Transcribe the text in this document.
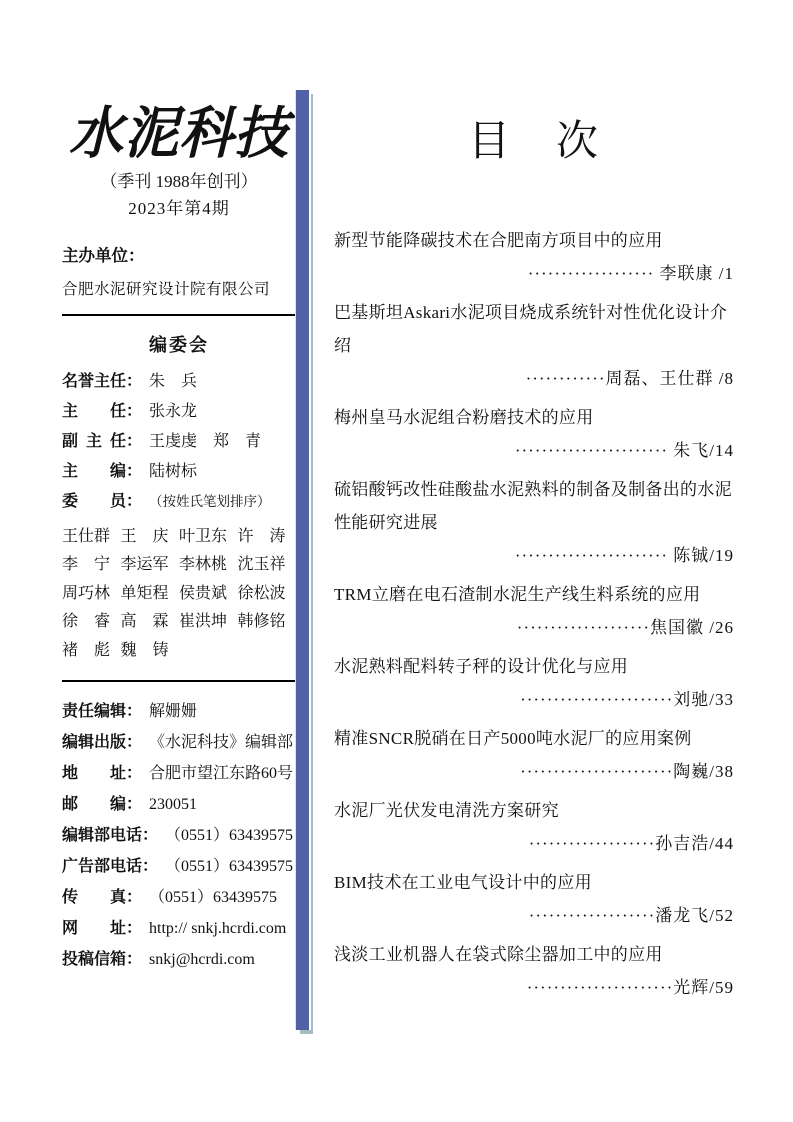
水泥科技
（季刊 1988年创刊）
2023年第4期
主办单位：
合肥水泥研究设计院有限公司
编委会
名誉主任 ： 朱　兵
主任 ： 张永龙
副主任 ： 王虔虔　郑　青
主编 ： 陆树标
委员 ： （按姓氏笔划排序）
王仕群 王　庆 叶卫东 许　涛
李　宁 李运军 李林桃 沈玉祥
周巧林 单矩程 侯贵斌 徐松波
徐　睿 高　霖 崔洪坤 韩修铭
褚　彪 魏　铸
责任编辑 ： 解姗姗
编辑出版 ： 《水泥科技》编辑部
地址 ： 合肥市望江东路60号
邮编 ： 230051
编辑部电话 ： （0551）63439575
广告部电话 ： （0551）63439575
传真 ： （0551）63439575
网址 ： http:// snkj.hcrdi.com
投稿信箱 ： snkj@hcrdi.com
目　次
新型节能降碳技术在合肥南方项目中的应用
··················· 李联康 /1
巴基斯坦Askari水泥项目烧成系统针对性优化设计介绍
············周磊、王仕群 /8
梅州皇马水泥组合粉磨技术的应用
······················· 朱飞/14
硫铝酸钙改性硅酸盐水泥熟料的制备及制备出的水泥性能研究进展
······················· 陈铖/19
TRM立磨在电石渣制水泥生产线生料系统的应用
····················焦国徽 /26
水泥熟料配料转子秤的设计优化与应用
·······················刘驰/33
精准SNCR脱硝在日产5000吨水泥厂的应用案例
·······················陶巍/38
水泥厂光伏发电清洗方案研究
···················孙吉浩/44
BIM技术在工业电气设计中的应用
···················潘龙飞/52
浅淡工业机器人在袋式除尘器加工中的应用
······················光辉/59
